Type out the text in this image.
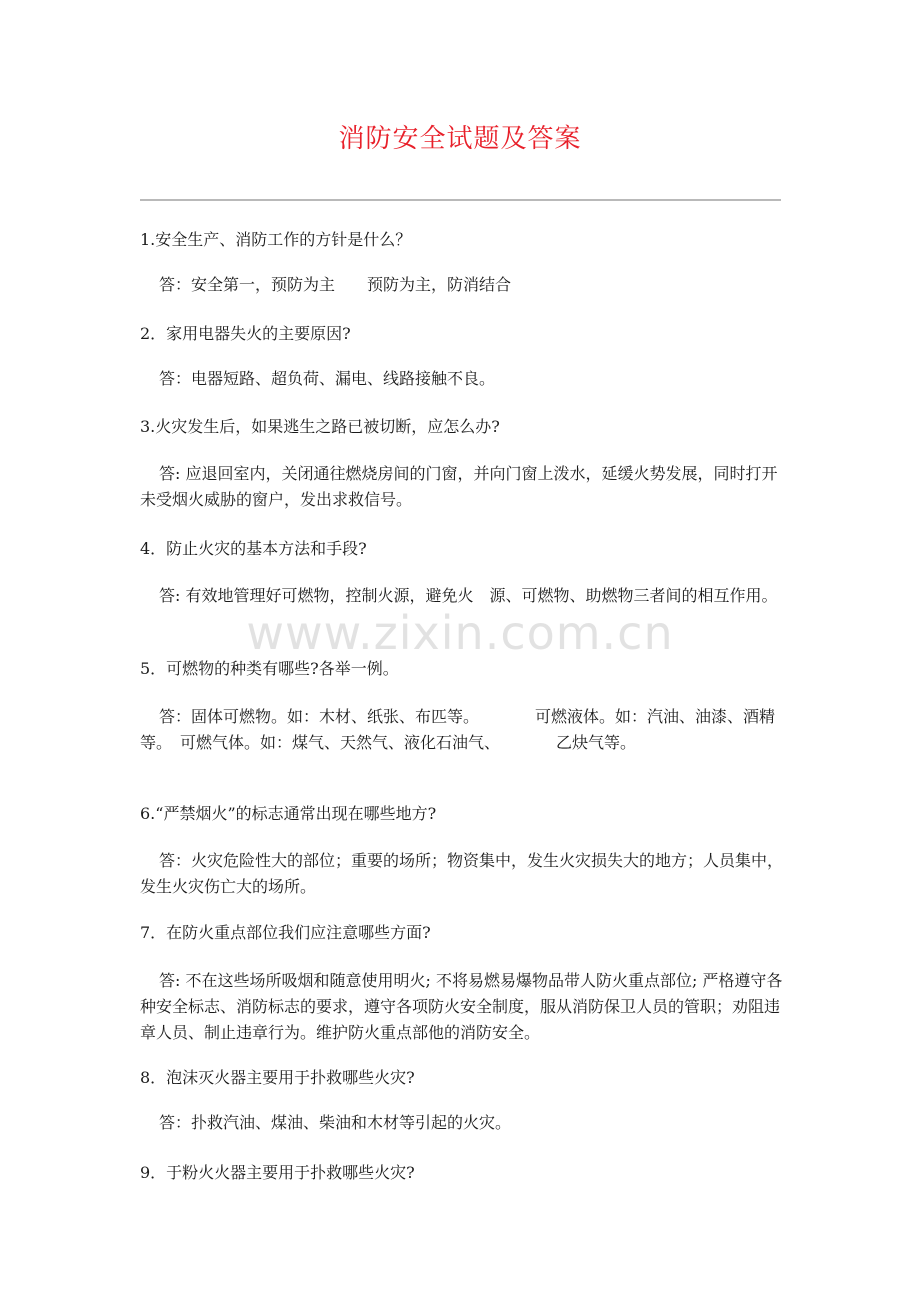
消防安全试题及答案

1.安全生产、消防工作的方针是什么？

答：安全第一，预防为主　　预防为主，防消结合

2．家用电器失火的主要原因?

答：电器短路、超负荷、漏电、线路接触不良。

3.火灾发生后，如果逃生之路已被切断，应怎么办?

答: 应退回室内，关闭通往燃烧房间的门窗，并向门窗上泼水，延缓火势发展，同时打开未受烟火威胁的窗户，发出求救信号。

4．防止火灾的基本方法和手段?

答: 有效地管理好可燃物，控制火源，避免火　源、可燃物、助燃物三者间的相互作用。

5．可燃物的种类有哪些?各举一例。

答：固体可燃物。如：木材、纸张、布匹等。　　　　可燃液体。如：汽油、油漆、酒精等。　可燃气体。如：煤气、天然气、液化石油气、　　　　乙炔气等。

6.“严禁烟火”的标志通常出现在哪些地方?

答：火灾危险性大的部位；重要的场所；物资集中，发生火灾损失大的地方；人员集中，发生火灾伤亡大的场所。

7．在防火重点部位我们应注意哪些方面?

答: 不在这些场所吸烟和随意使用明火; 不将易燃易爆物品带人防火重点部位; 严格遵守各种安全标志、消防标志的要求，遵守各项防火安全制度，服从消防保卫人员的管职；劝阻违章人员、制止违章行为。维护防火重点部他的消防安全。

8．泡沫灭火器主要用于扑救哪些火灾?

答：扑救汽油、煤油、柴油和木材等引起的火灾。

9．于粉火火器主要用于扑救哪些火灾?

www.zixin.com.cn
